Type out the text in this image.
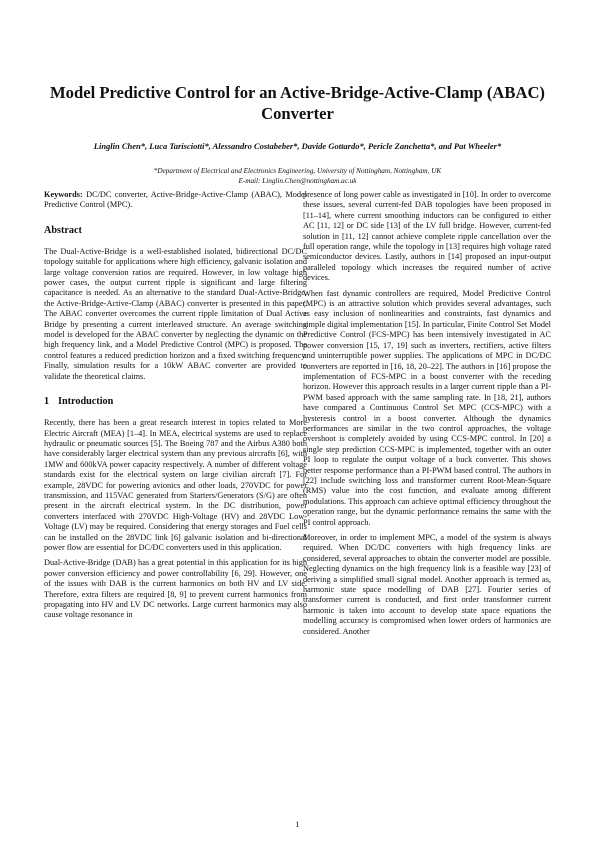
Model Predictive Control for an Active-Bridge-Active-Clamp (ABAC) Converter
Linglin Chen*, Luca Tarisciotti*, Alessandro Costabeber*, Davide Gottardo*, Pericle Zanchetta*, and Pat Wheeler*
*Department of Electrical and Electronics Engineering, University of Nottingham, Nottingham, UK
E-mail: Linglin.Chen@nottingham.ac.uk

Keywords: DC/DC converter, Active-Bridge-Active-Clamp (ABAC), Model Predictive Control (MPC).

Abstract

The Dual-Active-Bridge is a well-established isolated, bidirectional DC/DC topology suitable for applications where high efficiency, galvanic isolation and large voltage conversion ratios are required. However, in low voltage high power cases, the output current ripple is significant and large filtering capacitance is needed. As an alternative to the standard Dual-Active-Bridge, the Active-Bridge-Active-Clamp (ABAC) converter is presented in this paper. The ABAC converter overcomes the current ripple limitation of Dual Active Bridge by presenting a current interleaved structure. An average switching model is developed for the ABAC converter by neglecting the dynamic on the high frequency link, and a Model Predictive Control (MPC) is proposed. The control features a reduced prediction horizon and a fixed switching frequency. Finally, simulation results for a 10kW ABAC converter are provided to validate the theoretical claims.

1 Introduction

Recently, there has been a great research interest in topics related to More Electric Aircraft (MEA) [1–4]. In MEA, electrical systems are used to replace hydraulic or pneumatic sources [5]. The Boeing 787 and the Airbus A380 both have considerably larger electrical system than any previous aircrafts [6], with 1MW and 600kVA power capacity respectively. A number of different voltage standards exist for the electrical system on large civilian aircraft [7]. For example, 28VDC for powering avionics and other loads, 270VDC for power transmission, and 115VAC generated from Starters/Generators (S/G) are often present in the aircraft electrical system. In the DC distribution, power converters interfaced with 270VDC High-Voltage (HV) and 28VDC Low-Voltage (LV) may be required. Considering that energy storages and Fuel cells can be installed on the 28VDC link [6] galvanic isolation and bi-directional power flow are essential for DC/DC converters used in this application.

Dual-Active-Bridge (DAB) has a great potential in this application for its high power conversion efficiency and power controllability [6, 29]. However, one of the issues with DAB is the current harmonics on both HV and LV side. Therefore, extra filters are required [8, 9] to prevent current harmonics from propagating into HV and LV DC networks. Large current harmonics may also cause voltage resonance in

presence of long power cable as investigated in [10]. In order to overcome these issues, several current-fed DAB topologies have been proposed in [11–14], where current smoothing inductors can be configured to either AC [11, 12] or DC side [13] of the LV full bridge. However, current-fed solution in [11, 12] cannot achieve complete ripple cancellation over the full operation range, while the topology in [13] requires high voltage rated semiconductor devices. Lastly, authors in [14] proposed an input-output paralleled topology which increases the required number of active devices.

When fast dynamic controllers are required, Model Predictive Control (MPC) is an attractive solution which provides several advantages, such as easy inclusion of nonlinearities and constraints, fast dynamics and simple digital implementation [15]. In particular, Finite Control Set Model Predictive Control (FCS-MPC) has been intensively investigated in AC power conversion [15, 17, 19] such as inverters, rectifiers, active filters and uninterruptible power supplies. The applications of MPC in DC/DC converters are reported in [16, 18, 20–22]. The authors in [16] propose the implementation of FCS-MPC in a boost converter with the receding horizon. However this approach results in a larger current ripple than a PI-PWM based approach with the same sampling rate. In [18, 21], authors have compared a Continuous Control Set MPC (CCS-MPC) with a hysteresis control in a boost converter. Although the dynamics performances are similar in the two control approaches, the voltage overshoot is completely avoided by using CCS-MPC control. In [20] a single step prediction CCS-MPC is implemented, together with an outer PI loop to regulate the output voltage of a buck converter. This shows better response performance than a PI-PWM based control. The authors in [22] include switching loss and transformer current Root-Mean-Square (RMS) value into the cost function, and evaluate among different modulations. This approach can achieve optimal efficiency throughout the operation range, but the dynamic performance remains the same with the PI control approach.

Moreover, in order to implement MPC, a model of the system is always required. When DC/DC converters with high frequency links are considered, several approaches to obtain the converter model are possible. Neglecting dynamics on the high frequency link is a feasible way [23] of deriving a simplified small signal model. Another approach is termed as, harmonic state space modelling of DAB [27]. Fourier series of transformer current is conducted, and first order transformer current harmonic is taken into account to develop state space equations the modelling accuracy is compromised when lower orders of harmonics are considered. Another

1
